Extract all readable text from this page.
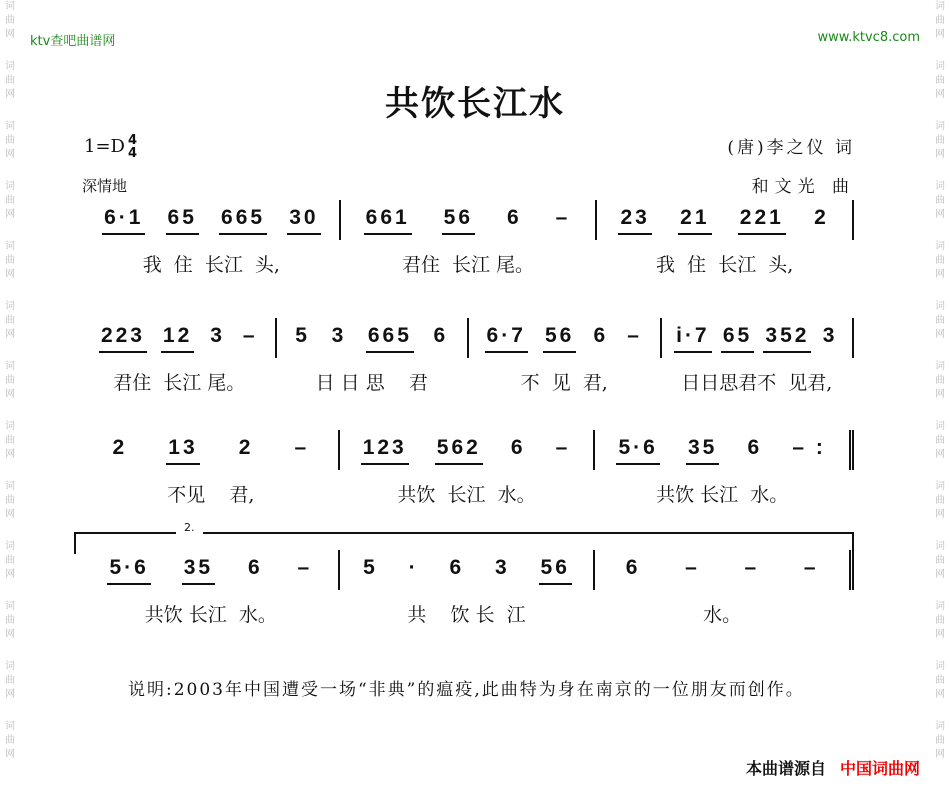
词曲网
词曲网
词曲网
词曲网
词曲网
词曲网
词曲网
词曲网
词曲网
词曲网
词曲网
词曲网
词曲网
词曲网
词曲网
词曲网
词曲网
词曲网
词曲网
词曲网
词曲网
词曲网
词曲网
词曲网
词曲网
词曲网
ktv查吧曲谱网	www.ktvc8.com
共饮长江水
1=D 4
4
深情地
(唐)李之仪 词
和文光 曲
6·1 65 665 30
我  住  长江  头,
661 56 6 –
君住  长江 尾。
23 21 221 2
我  住  长江  头,
223 12 3 –
君住  长江 尾。
5 3 665 6
日 日 思    君
6·7 56 6 –
不  见  君,
i·7 65 352 3
日日思君不  见君,
2 13 2 –
不见    君,
123 562 6 –
共饮  长江  水。
5·6 35 6 – :
共饮 长江  水。
5·6 35 6 –
共饮 长江  水。
5 · 6 3 56
共    饮 长  江
6 – – –
水。
2.
说明:2003年中国遭受一场“非典”的瘟疫,此曲特为身在南京的一位朋友而创作。
本曲谱源自 中国词曲网
